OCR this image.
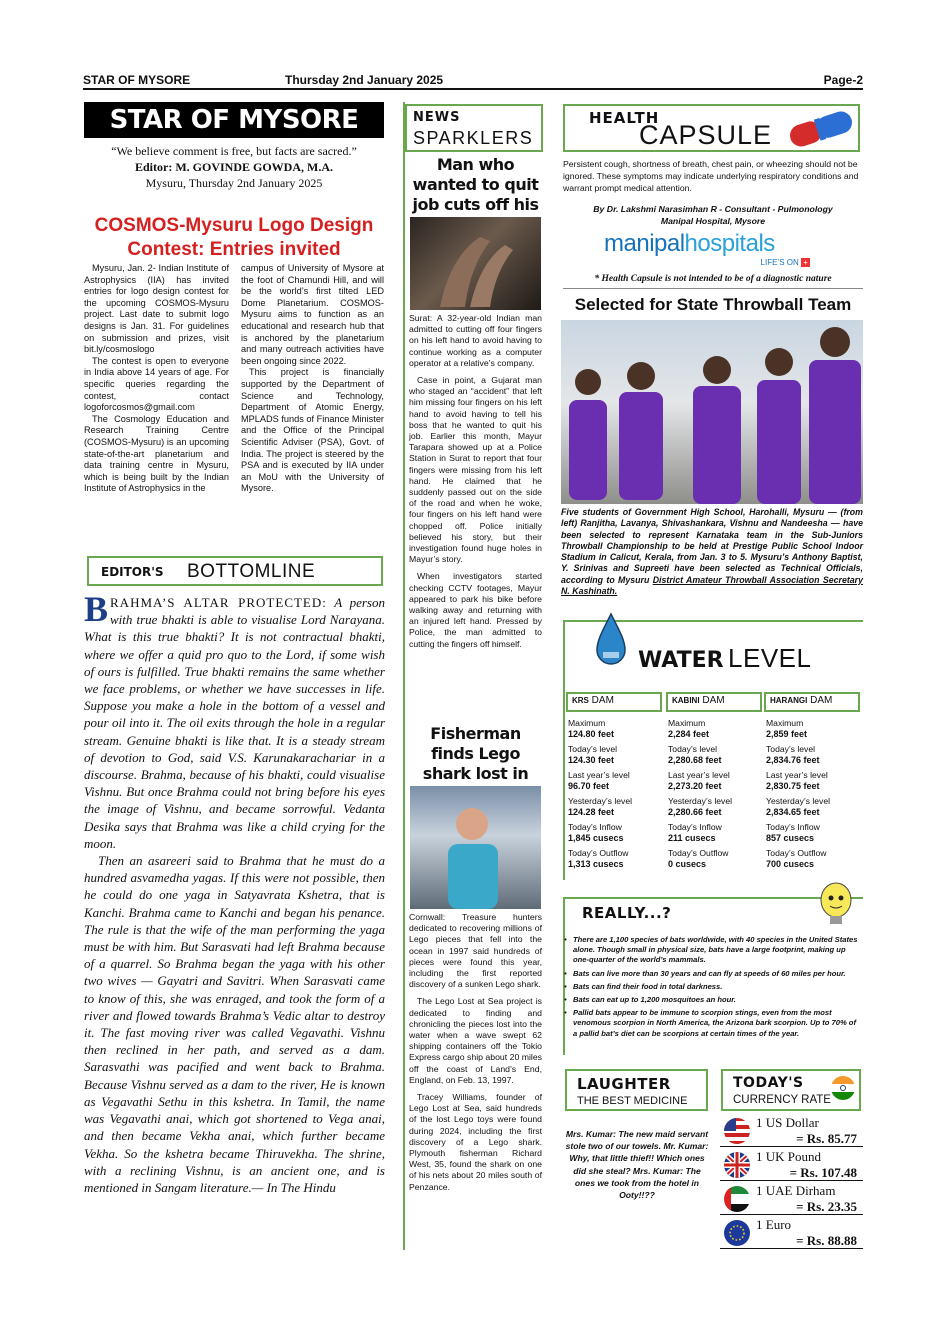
STAR OF MYSORE	Thursday 2nd January 2025	Page-2
STAR OF MYSORE
“We believe comment is free, but facts are sacred.”
Editor: M. GOVINDE GOWDA, M.A.
Mysuru, Thursday 2nd January 2025
COSMOS-Mysuru Logo Design
Contest: Entries invited

Mysuru, Jan. 2- Indian Institute of Astrophysics (IIA) has invited entries for logo design contest for the upcoming COSMOS-Mysuru project. Last date to submit logo designs is Jan. 31. For guidelines on submission and prizes, visit bit.ly/cosmoslogo

The contest is open to everyone in India above 14 years of age. For specific queries regarding the contest, contact logoforcosmos@gmail.com

The Cosmology Education and Research Training Centre (COSMOS-Mysuru) is an upcoming state-of-the-art planetarium and data training centre in Mysuru, which is being built by the Indian Institute of Astrophysics in the

campus of University of Mysore at the foot of Chamundi Hill, and will be the world’s first tilted LED Dome Planetarium. COSMOS-Mysuru aims to function as an educational and research hub that is anchored by the planetarium and many outreach activities have been ongoing since 2022.

This project is financially supported by the Department of Science and Technology, Department of Atomic Energy, MPLADS funds of Finance Minister and the Office of the Principal Scientific Adviser (PSA), Govt. of India. The project is steered by the PSA and is executed by IIA under an MoU with the University of Mysore.

EDITOR'S BOTTOMLINE

BRAHMA’S ALTAR PROTECTED: A person with true bhakti is able to visualise Lord Narayana. What is this true bhakti? It is not contractual bhakti, where we offer a quid pro quo to the Lord, if some wish of ours is fulfilled. True bhakti remains the same whether we face problems, or whether we have successes in life. Suppose you make a hole in the bottom of a vessel and pour oil into it. The oil exits through the hole in a regular stream. Genuine bhakti is like that. It is a steady stream of devotion to God, said V.S. Karunakarachariar in a discourse. Brahma, because of his bhakti, could visualise Vishnu. But once Brahma could not bring before his eyes the image of Vishnu, and became sorrowful. Vedanta Desika says that Brahma was like a child crying for the moon.

Then an asareeri said to Brahma that he must do a hundred asvamedha yagas. If this were not possible, then he could do one yaga in Satyavrata Kshetra, that is Kanchi. Brahma came to Kanchi and began his penance. The rule is that the wife of the man performing the yaga must be with him. But Sarasvati had left Brahma because of a quarrel. So Brahma began the yaga with his other two wives — Gayatri and Savitri. When Sarasvati came to know of this, she was enraged, and took the form of a river and flowed towards Brahma’s Vedic altar to destroy it. The fast moving river was called Vegavathi. Vishnu then reclined in her path, and served as a dam. Sarasvathi was pacified and went back to Brahma. Because Vishnu served as a dam to the river, He is known as Vegavathi Sethu in this kshetra. In Tamil, the name was Vegavathi anai, which got shortened to Vega anai, and then became Vekha anai, which further became Vekha. So the kshetra became Thiruvekha. The shrine, with a reclining Vishnu, is an ancient one, and is mentioned in Sangam literature.— In The Hindu

NEWS
SPARKLERS
Man who wanted to quit job cuts off his

Surat: A 32-year-old Indian man admitted to cutting off four fingers on his left hand to avoid having to continue working as a computer operator at a relative’s company.

Case in point, a Gujarat man who staged an “accident” that left him missing four fingers on his left hand to avoid having to tell his boss that he wanted to quit his job. Earlier this month, Mayur Tarapara showed up at a Police Station in Surat to report that four fingers were missing from his left hand. He claimed that he suddenly passed out on the side of the road and when he woke, four fingers on his left hand were chopped off. Police initially believed his story, but their investigation found huge holes in Mayur’s story.

When investigators started checking CCTV footages, Mayur appeared to park his bike before walking away and returning with an injured left hand. Pressed by Police, the man admitted to cutting the fingers off himself.

Fisherman finds Lego shark lost in

Cornwall: Treasure hunters dedicated to recovering millions of Lego pieces that fell into the ocean in 1997 said hundreds of pieces were found this year, including the first reported discovery of a sunken Lego shark.

The Lego Lost at Sea project is dedicated to finding and chronicling the pieces lost into the water when a wave swept 62 shipping containers off the Tokio Express cargo ship about 20 miles off the coast of Land’s End, England, on Feb. 13, 1997.

Tracey Williams, founder of Lego Lost at Sea, said hundreds of the lost Lego toys were found during 2024, including the first discovery of a Lego shark. Plymouth fisherman Richard West, 35, found the shark on one of his nets about 20 miles south of Penzance.

HEALTH
CAPSULE
Persistent cough, shortness of breath, chest pain, or wheezing should not be ignored. These symptoms may indicate underlying respiratory conditions and warrant prompt medical attention.
By Dr. Lakshmi Narasimhan R - Consultant - Pulmonology
Manipal Hospital, Mysore
manipalhospitals
LIFE’S ON +
* Health Capsule is not intended to be of a diagnostic nature
Selected for State Throwball Team
Five students of Government High School, Harohalli, Mysuru — (from left) Ranjitha, Lavanya, Shivashankara, Vishnu and Nandeesha — have been selected to represent Karnataka team in the Sub-Juniors Throwball Championship to be held at Prestige Public School Indoor Stadium in Calicut, Kerala, from Jan. 3 to 5. Mysuru’s Anthony Baptist, Y. Srinivas and Supreeti have been selected as Technical Officials, according to Mysuru District Amateur Throwball Association Secretary N. Kashinath.
WATER LEVEL
KRS DAM
Maximum
124.80 feet
Today’s level
124.30 feet
Last year’s level
96.70 feet
Yesterday’s level
124.28 feet
Today’s Inflow
1,845 cusecs
Today’s Outflow
1,313 cusecs
KABINI DAM
Maximum
2,284 feet
Today’s level
2,280.68 feet
Last year’s level
2,273.20 feet
Yesterday’s level
2,280.66 feet
Today’s Inflow
211 cusecs
Today’s Outflow
0 cusecs
HARANGI DAM
Maximum
2,859 feet
Today’s level
2,834.76 feet
Last year’s level
2,830.75 feet
Yesterday’s level
2,834.65 feet
Today’s Inflow
857 cusecs
Today’s Outflow
700 cusecs
REALLY...?
• There are 1,100 species of bats worldwide, with 40 species in the United States alone. Though small in physical size, bats have a large footprint, making up one-quarter of the world’s mammals.
• Bats can live more than 30 years and can fly at speeds of 60 miles per hour.
• Bats can find their food in total darkness.
• Bats can eat up to 1,200 mosquitoes an hour.
• Pallid bats appear to be immune to scorpion stings, even from the most venomous scorpion in North America, the Arizona bark scorpion. Up to 70% of a pallid bat’s diet can be scorpions at certain times of the year.
LAUGHTER
THE BEST MEDICINE
Mrs. Kumar: The new maid servant stole two of our towels. Mr. Kumar: Why, that little thief!! Which ones did she steal? Mrs. Kumar: The ones we took from the hotel in Ooty!!??
TODAY'S
CURRENCY RATE
1 US Dollar
= Rs. 85.77
1 UK Pound
= Rs. 107.48
1 UAE Dirham
= Rs. 23.35
1 Euro
= Rs. 88.88
